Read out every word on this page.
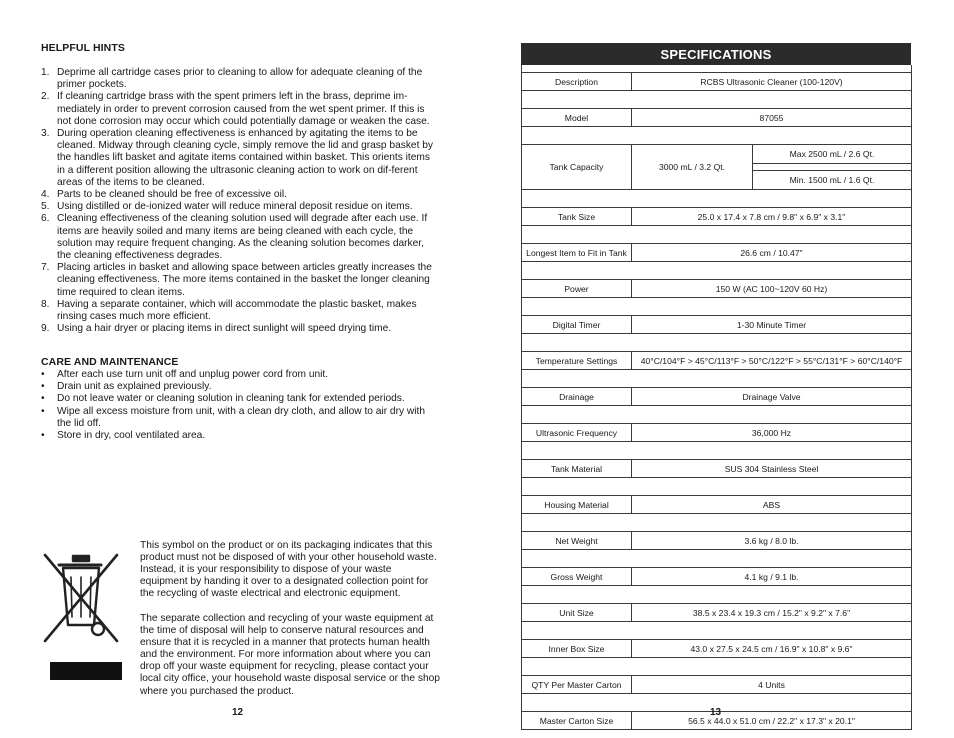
HELPFUL HINTS
1. Deprime all cartridge cases prior to cleaning to allow for adequate cleaning of the primer pockets.
2. If cleaning cartridge brass with the spent primers left in the brass, deprime im-mediately in order to prevent corrosion caused from the wet spent primer. If this is not done corrosion may occur which could potentially damage or weaken the case.
3. During operation cleaning effectiveness is enhanced by agitating the items to be cleaned. Midway through cleaning cycle, simply remove the lid and grasp basket by the handles lift basket and agitate items contained within basket. This orients items in a different position allowing the ultrasonic cleaning action to work on dif-ferent areas of the items to be cleaned.
4. Parts to be cleaned should be free of excessive oil.
5. Using distilled or de-ionized water will reduce mineral deposit residue on items.
6. Cleaning effectiveness of the cleaning solution used will degrade after each use. If items are heavily soiled and many items are being cleaned with each cycle, the solution may require frequent changing. As the cleaning solution becomes darker, the cleaning effectiveness degrades.
7. Placing articles in basket and allowing space between articles greatly increases the cleaning effectiveness. The more items contained in the basket the longer cleaning time required to clean items.
8. Having a separate container, which will accommodate the plastic basket, makes rinsing cases much more efficient.
9. Using a hair dryer or placing items in direct sunlight will speed drying time.
CARE AND MAINTENANCE
• After each use turn unit off and unplug power cord from unit.
• Drain unit as explained previously.
• Do not leave water or cleaning solution in cleaning tank for extended periods.
• Wipe all excess moisture from unit, with a clean dry cloth, and allow to air dry with the lid off.
• Store in dry, cool ventilated area.

This symbol on the product or on its packaging indicates that this product must not be disposed of with your other household waste. Instead, it is your responsibility to dispose of your waste equipment by handing it over to a designated collection point for the recycling of waste electrical and electronic equipment.

The separate collection and recycling of your waste equipment at the time of disposal will help to conserve natural resources and ensure that it is recycled in a manner that protects human health and the environment. For more information about where you can drop off your waste equipment for recycling, please contact your local city office, your household waste disposal service or the shop where you purchased the product.

12
SPECIFICATIONS

Description	RCBS Ultrasonic Cleaner (100-120V)	

Model	87055	

Tank Capacity	3000 mL / 3.2 Qt.	Max 2500 mL / 2.6 Qt.

		Min. 1500 mL / 1.6 Qt.

Tank Size	25.0 x 17.4 x 7.8 cm / 9.8" x 6.9" x 3.1"	

Longest Item to Fit in Tank	26.6 cm / 10.47"	

Power	150 W (AC 100~120V 60 Hz)	

Digital Timer	1-30 Minute Timer	

Temperature Settings	40°C/104°F > 45°C/113°F > 50°C/122°F > 55°C/131°F > 60°C/140°F	

Drainage	Drainage Valve	

Ultrasonic Frequency	36,000 Hz	

Tank Material	SUS 304 Stainless Steel	

Housing Material	ABS	

Net Weight	3.6 kg / 8.0 lb.	

Gross Weight	4.1 kg / 9.1 lb.	

Unit Size	38.5 x 23.4 x 19.3 cm / 15.2" x 9.2" x 7.6"	

Inner Box Size	43.0 x 27.5 x 24.5 cm / 16.9" x 10.8" x 9.6"	

QTY Per Master Carton	4 Units	

Master Carton Size	56.5 x 44.0 x 51.0 cm / 22.2" x 17.3" x 20.1"	
13
